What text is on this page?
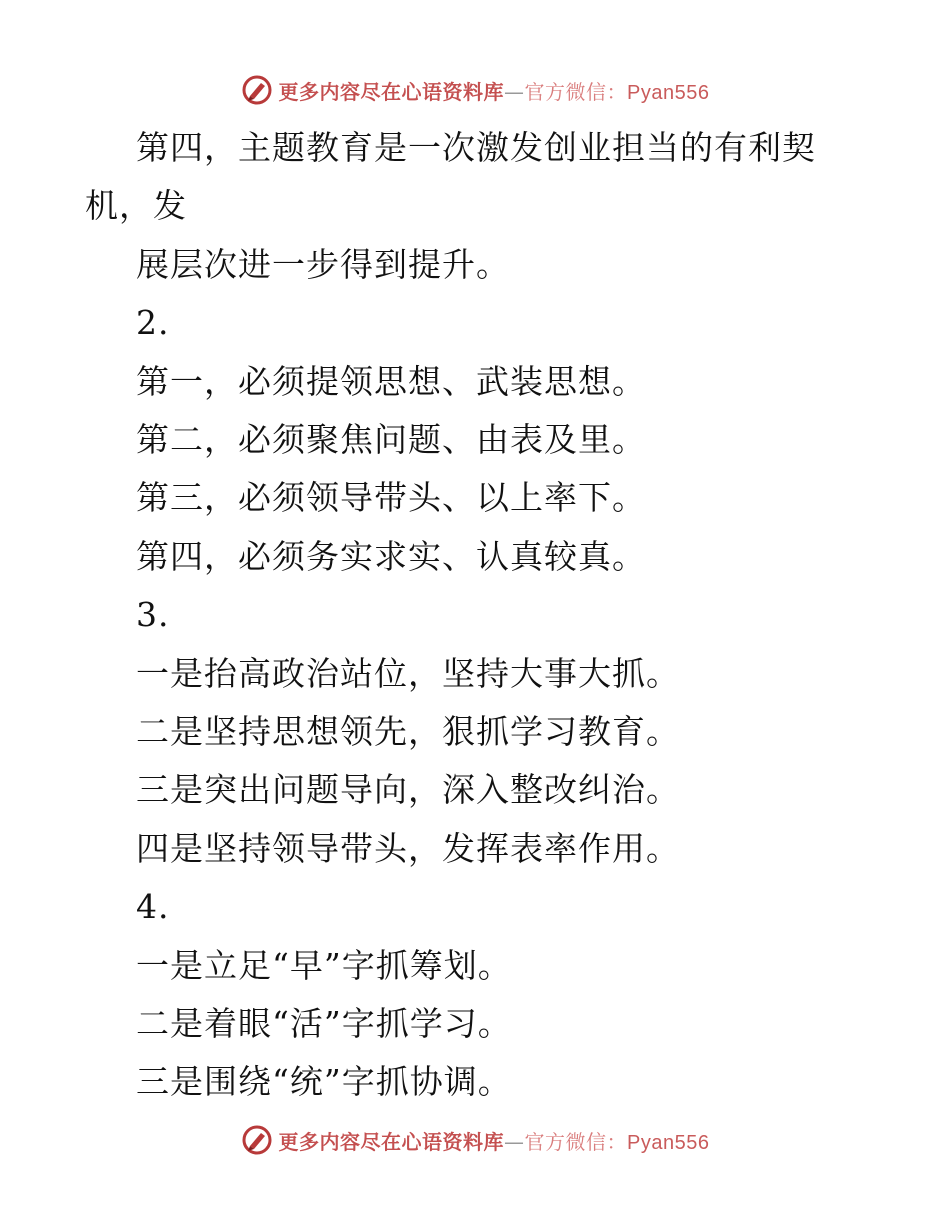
更多内容尽在心语资料库—官方微信：Pyan556
第四，主题教育是一次激发创业担当的有利契
机，发
展层次进一步得到提升。
2.
第一，必须提领思想、武装思想。
第二，必须聚焦问题、由表及里。
第三，必须领导带头、以上率下。
第四，必须务实求实、认真较真。
3.
一是抬高政治站位，坚持大事大抓。
二是坚持思想领先，狠抓学习教育。
三是突出问题导向，深入整改纠治。
四是坚持领导带头，发挥表率作用。
4.
一是立足“早”字抓筹划。
二是着眼“活”字抓学习。
三是围绕“统”字抓协调。
更多内容尽在心语资料库—官方微信：Pyan556
